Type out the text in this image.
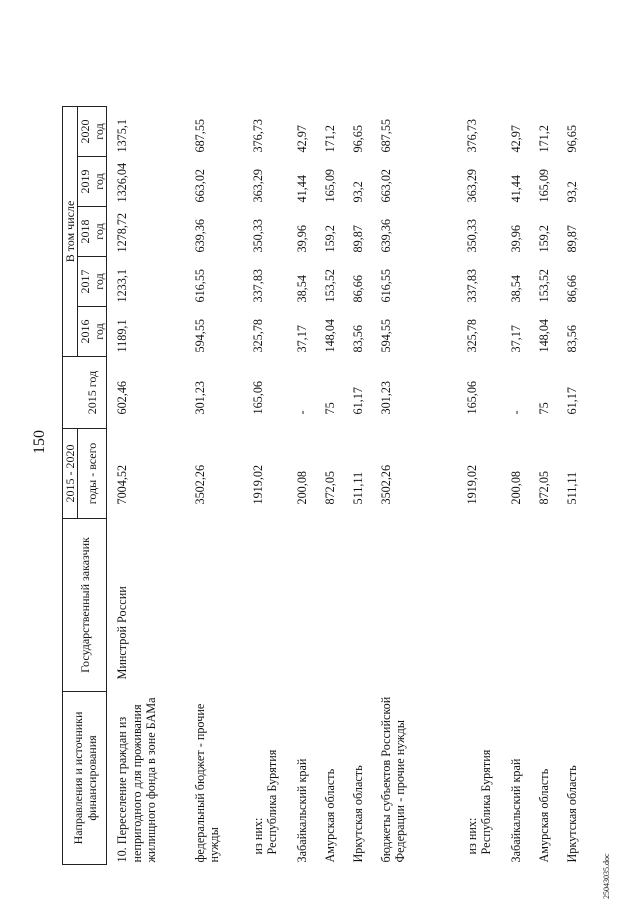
150
Направления и источники финансирования	Государственный заказчик	2015 - 2020		В том числе				
		годы - всего	2015 год	2016 год	2017 год	2018 год	2019 год	2020 год

10. Переселение граждан из непригодного для проживания жилищного фонда в зоне БАМа	Минстрой России	7004,52	602,46	1189,1	1233,1	1278,72	1326,04	1375,1
федеральный бюджет - прочие нужды		3502,26	301,23	594,55	616,55	639,36	663,02	687,55

из них: Республика Бурятия		1919,02	165,06	325,78	337,83	350,33	363,29	376,73
Забайкальский край		200,08	-	37,17	38,54	39,96	41,44	42,97
Амурская область		872,05	75	148,04	153,52	159,2	165,09	171,2
Иркутская область		511,11	61,17	83,56	86,66	89,87	93,2	96,65
бюджеты субъектов Российской Федерации - прочие нужды		3502,26	301,23	594,55	616,55	639,36	663,02	687,55

из них: Республика Бурятия		1919,02	165,06	325,78	337,83	350,33	363,29	376,73
Забайкальский край		200,08	-	37,17	38,54	39,96	41,44	42,97
Амурская область		872,05	75	148,04	153,52	159,2	165,09	171,2
Иркутская область		511,11	61,17	83,56	86,66	89,87	93,2	96,65
25043035.doc
